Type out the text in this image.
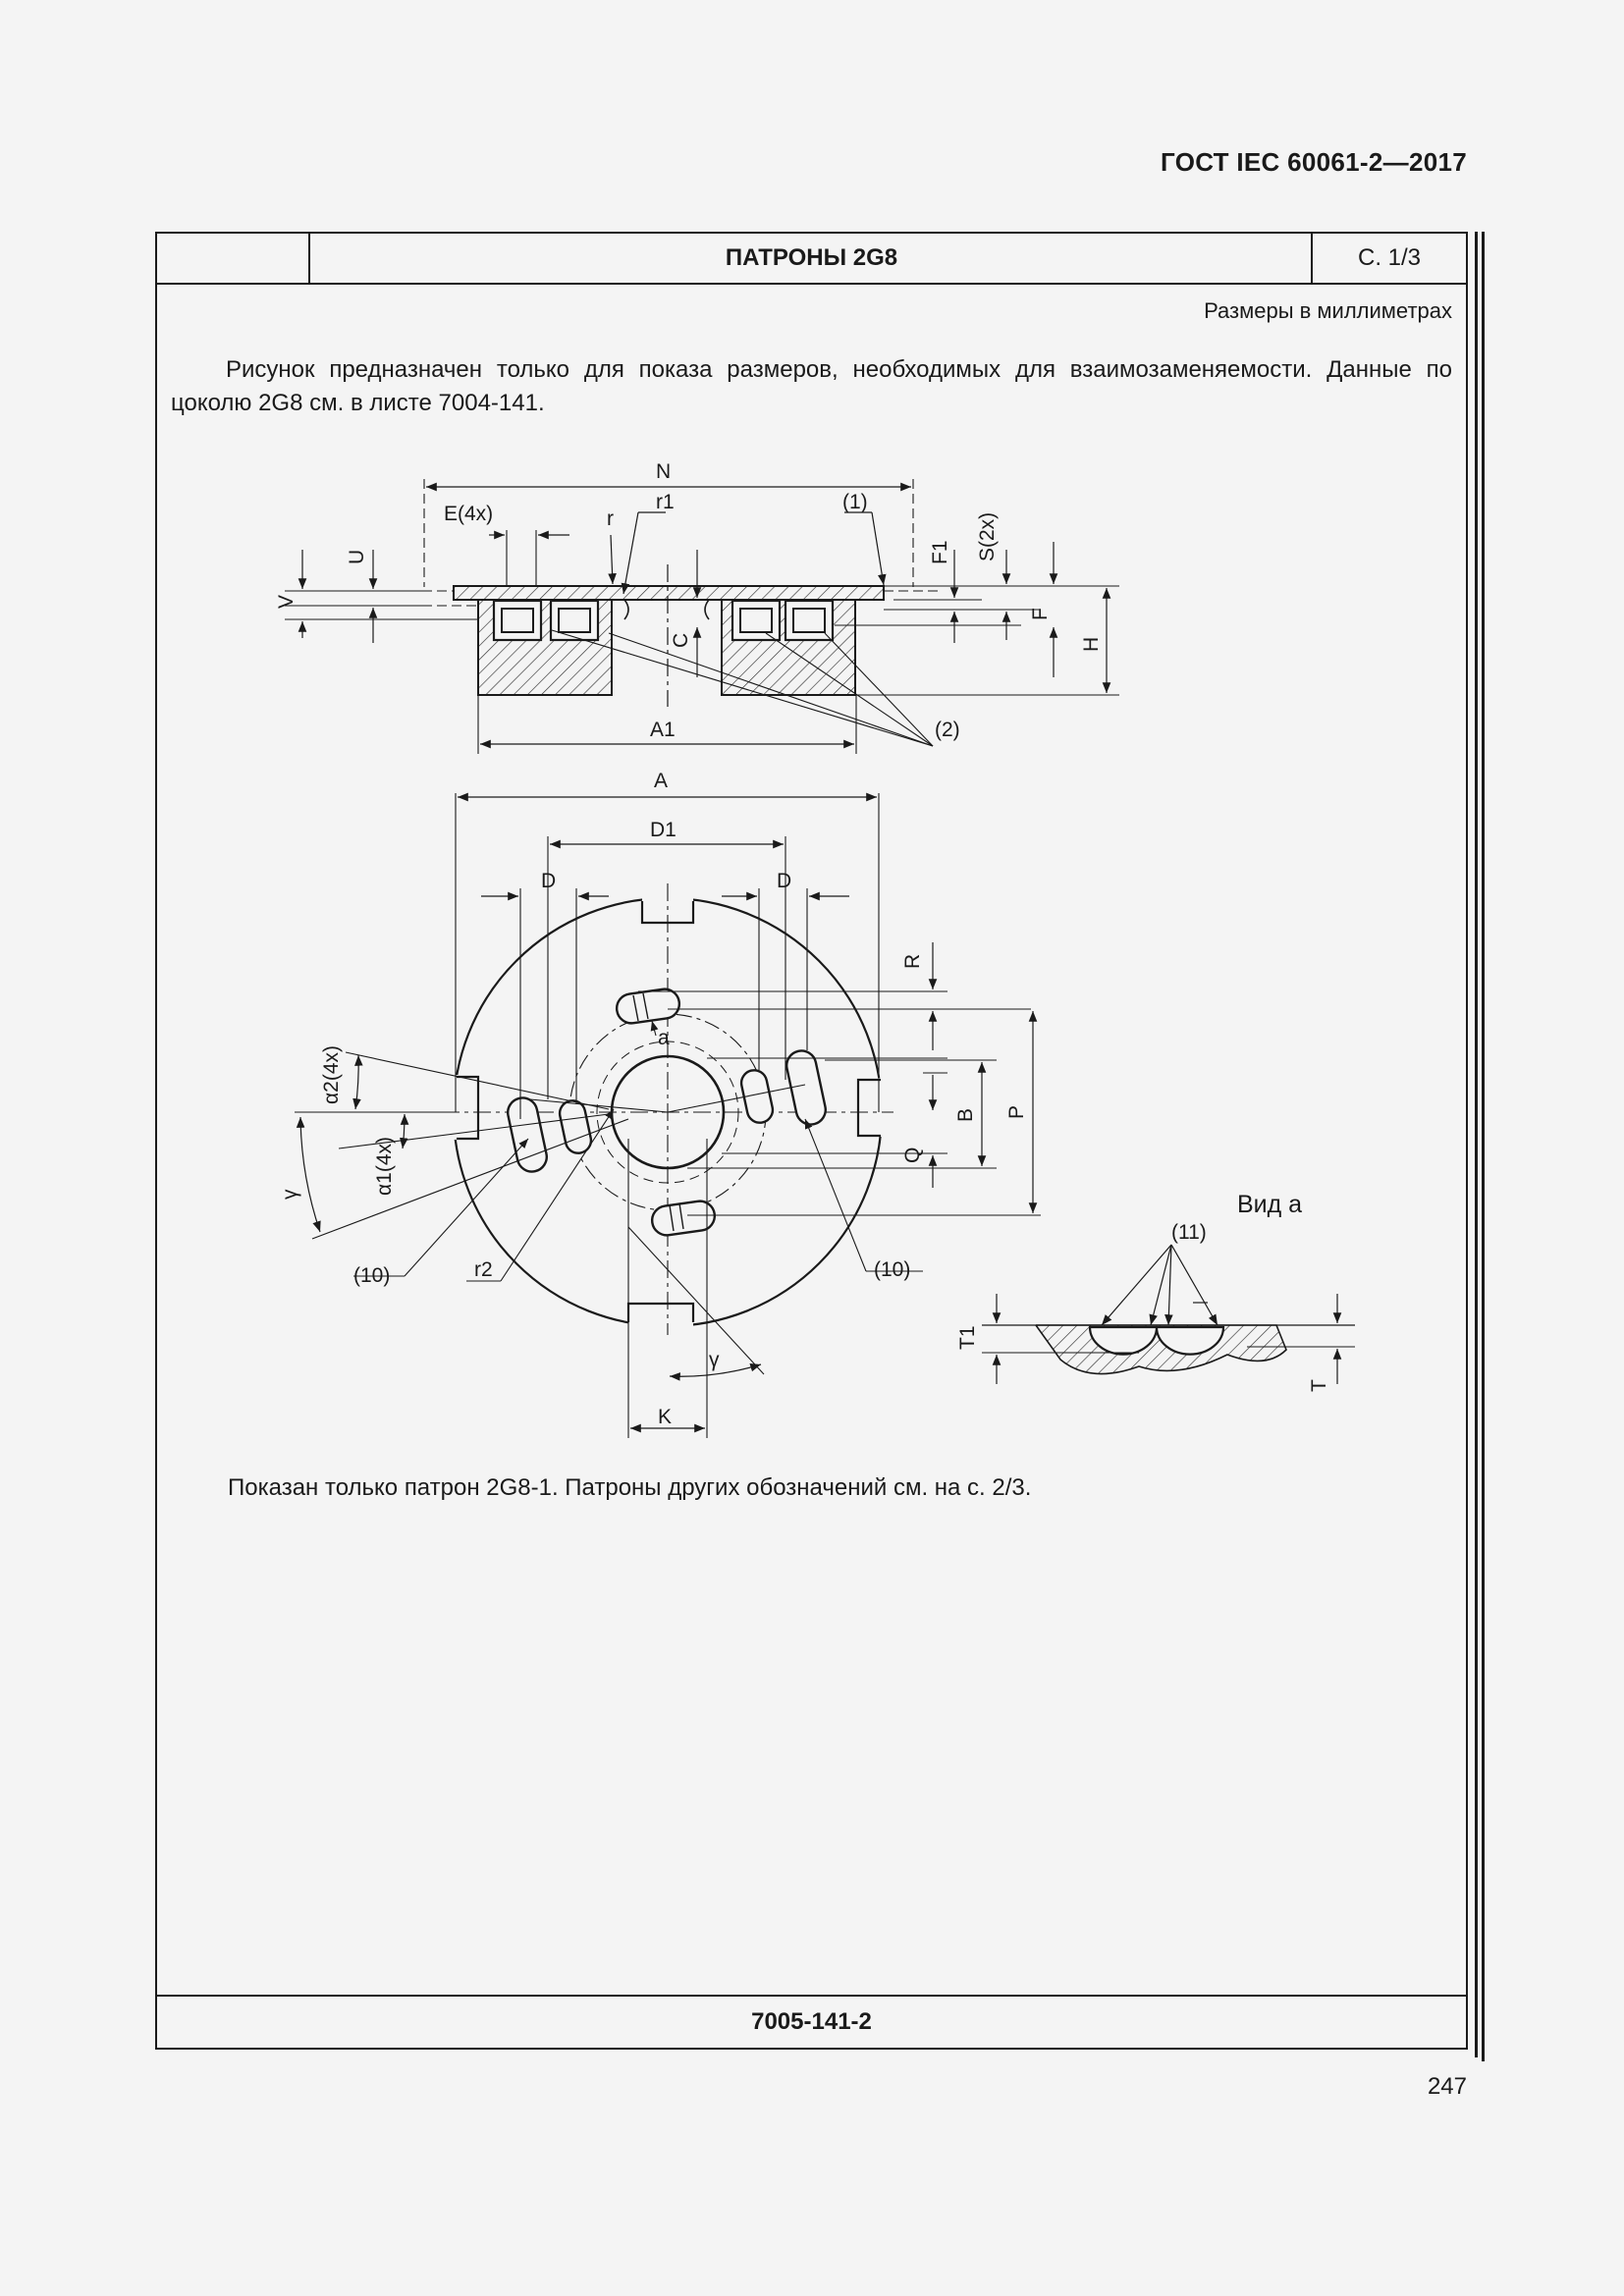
ГОСТ IEC 60061-2—2017
ПАТРОНЫ 2G8	С. 1/3
Размеры в миллиметрах
Рисунок предназначен только для показа размеров, необходимых для взаимозаменяемости. Данные по цоколю 2G8 см. в листе 7004-141.
Показан только патрон 2G8-1. Патроны других обозначений см. на с. 2/3.
7005-141-2
247
N
E(4x)	r
r1	(1)
F1 S(2x)
U
V
C
F
H
A1	(2)
A
D1
D	D
R
a
B P
Q
α2(4x)
α1(4x)
γ
γ
(10)	r2	(10)
K
Вид а
(11)
T1
T
